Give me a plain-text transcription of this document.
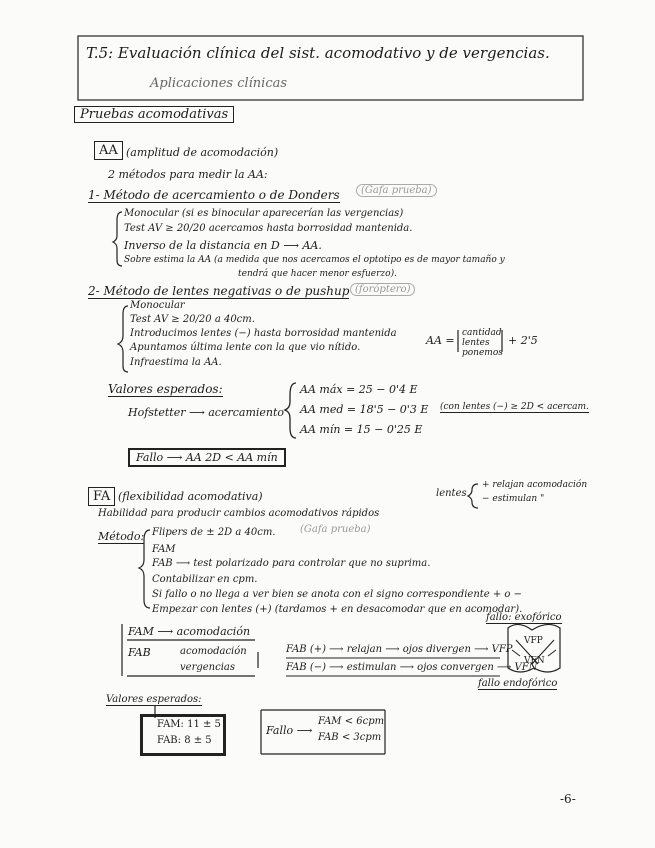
T.5: Evaluación clínica del sist. acomodativo y de vergencias.
Aplicaciones clínicas
Pruebas acomodativas
AA (amplitud de acomodación)
2 métodos para medir la AA:
1- Método de acercamiento o de Donders	(Gafa prueba)
Monocular (si es binocular aparecerían las vergencias)
Test AV ≥ 20/20 acercamos hasta borrosidad mantenida.
Inverso de la distancia en D ⟶ AA.
Sobre estima la AA (a medida que nos acercamos el optotipo es de mayor tamaño y
tendrá que hacer menor esfuerzo).
2- Método de lentes negativas o de pushup (foróptero)
Monocular
Test AV ≥ 20/20 a 40cm.
Introducimos lentes (−) hasta borrosidad mantenida
Apuntamos última lente con la que vio nítido.
Infraestima la AA.
AA =
cantidad lentes
ponemos
+ 2'5
Valores esperados:
Hofstetter ⟶ acercamiento
AA máx = 25 − 0'4 E
AA med = 18'5 − 0'3 E
AA mín = 15 − 0'25 E
(con lentes (−) ≥ 2D < acercam.
Fallo ⟶ AA 2D < AA mín
FA (flexibilidad acomodativa)
Habilidad para producir cambios acomodativos rápidos
lentes
+ relajan acomodación
− estimulan "
Método:
(Gafa prueba)
Flipers de ± 2D a 40cm.
FAM
FAB ⟶ test polarizado para controlar que no suprima.
Contabilizar en cpm.
Si fallo o no llega a ver bien se anota con el signo correspondiente + o −
Empezar con lentes (+) (tardamos + en desacomodar que en acomodar).
FAM ⟶ acomodación
FAB	acomodación
vergencias
FAB (+) ⟶ relajan ⟶ ojos divergen ⟶ VFP
FAB (−) ⟶ estimulan ⟶ ojos convergen ⟶ VFN
fallo: exofórico
fallo endofórico
VFP
VFN
Valores esperados:
FAM: 11 ± 5
FAB: 8 ± 5
Fallo ⟶
FAM < 6cpm
FAB < 3cpm
-6-
